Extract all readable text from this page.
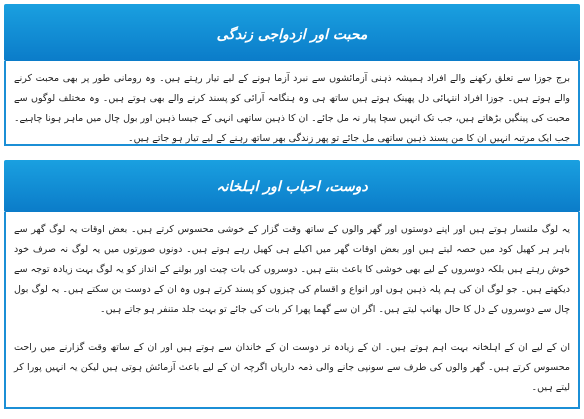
محبت اور ازدواجی زندگی

برج جوزا سے تعلق رکھنے والے افراد ہمیشہ ذہنی آزمائشوں سے نبرد آزما ہونے کے لیے تیار رہتے ہیں۔ وہ رومانی طور پر بھی محبت کرنے والے ہوتے ہیں۔ جوزا افراد انتہائی دل پھینک ہوتے ہیں ساتھ ہی وہ ہنگامہ آرائی کو پسند کرنے والے بھی ہوتے ہیں۔ وہ مختلف لوگوں سے محبت کی پینگیں بڑھاتے ہیں، جب تک انہیں سچا پیار نہ مل جائے۔ ان کا ذہین ساتھی انہی کے جیسا ذہین اور بول چال میں ماہر ہونا چاہیے۔ جب ایک مرتبہ انہیں ان کا من پسند ذہین ساتھی مل جائے تو پھر زندگی بھر ساتھ رہنے کے لیے تیار ہو جاتے ہیں۔

دوست، احباب اور اہلخانہ

یہ لوگ ملنسار ہوتے ہیں اور اپنے دوستوں اور گھر والوں کے ساتھ وقت گزار کے خوشی محسوس کرتے ہیں۔ بعض اوقات یہ لوگ گھر سے باہر ہر کھیل کود میں حصہ لیتے ہیں اور بعض اوقات گھر میں اکیلے ہی کھیل رہے ہوتے ہیں۔ دونوں صورتوں میں یہ لوگ نہ صرف خود خوش رہتے ہیں بلکہ دوسروں کے لیے بھی خوشی کا باعث بنتے ہیں۔ دوسروں کی بات چیت اور بولنے کے انداز کو یہ لوگ بہت زیادہ توجہ سے دیکھتے ہیں۔ جو لوگ ان کی ہم پلہ ذہین ہوں اور انواع و اقسام کی چیزوں کو پسند کرتے ہوں وہ ان کے دوست بن سکتے ہیں۔ یہ لوگ بول چال سے دوسروں کے دل کا حال بھانپ لیتے ہیں۔ اگر ان سے گھما پھرا کر بات کی جائے تو بہت جلد متنفر ہو جاتے ہیں۔

ان کے لیے ان کے اہلخانہ بہت اہم ہوتے ہیں۔ ان کے زیادہ تر دوست ان کے خاندان سے ہوتے ہیں اور ان کے ساتھ وقت گزارنے میں راحت محسوس کرتے ہیں۔ گھر والوں کی طرف سے سونپی جانے والی ذمہ داریاں اگرچہ ان کے لیے باعث آزمائش ہوتی ہیں لیکن یہ انہیں پورا کر لیتے ہیں۔
